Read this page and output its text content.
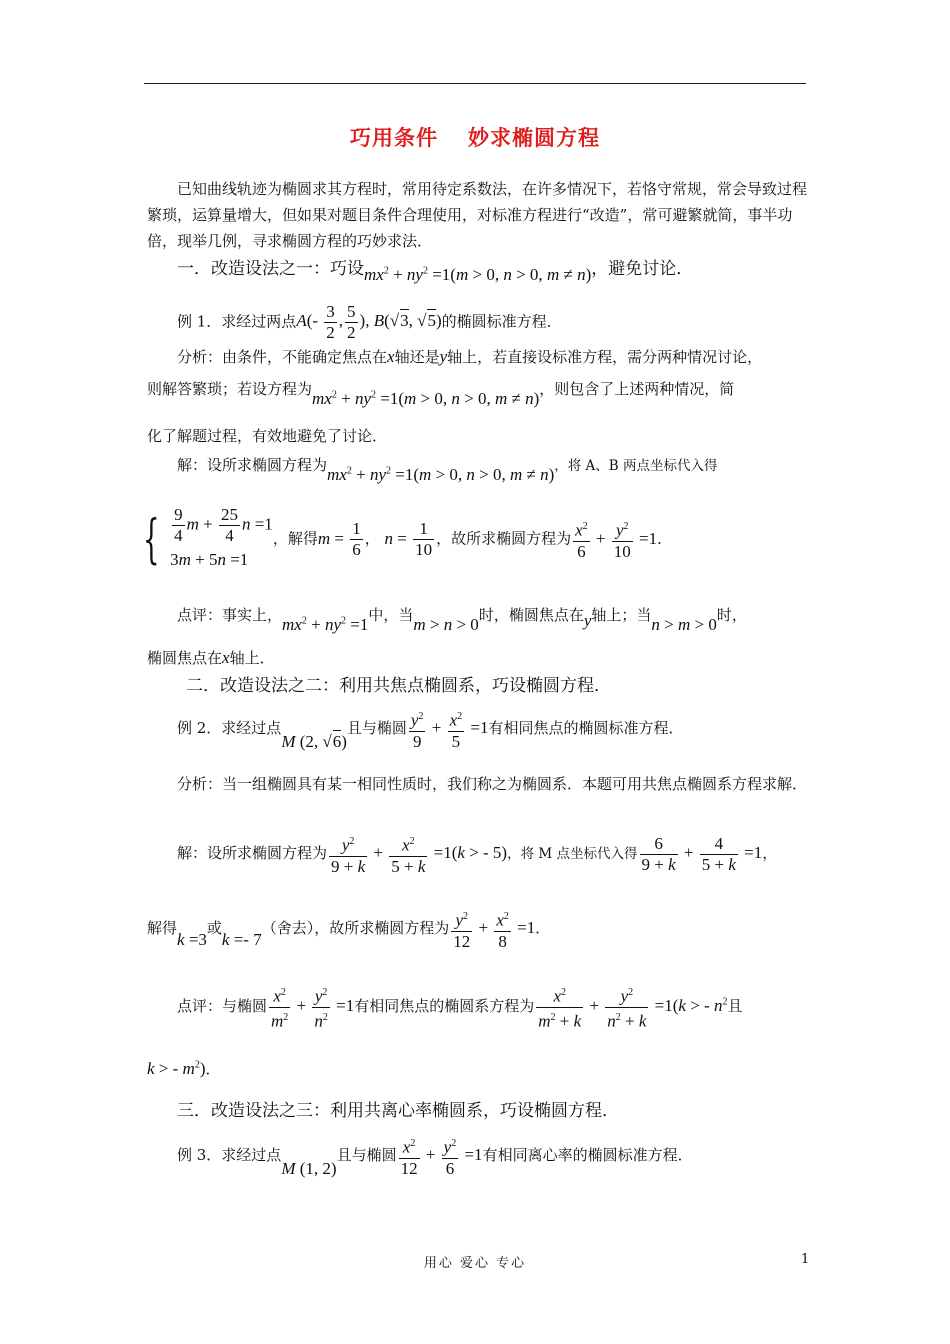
巧用条件 妙求椭圆方程
已知曲线轨迹为椭圆求其方程时，常用待定系数法，在许多情况下，若恪守常规，常会导致过程繁琐，运算量增大，但如果对题目条件合理使用，对标准方程进行“改造”，常可避繁就简，事半功倍，现举几例，寻求椭圆方程的巧妙求法．
一．改造设法之一：巧设$mx^2 + ny^2 =1(m > 0$, n > 0, m ≠ n)，避免讨论．
例 1．求经过两点$A(- \frac{3}{2}$ , $\frac{5}{2}$ ), B(√3, √5)的椭圆标准方程．
分析：由条件，不能确定焦点在x轴还是y轴上，若直接设标准方程，需分两种情况讨论，
则解答繁琐；若设方程为$mx^2 + ny^2 =1(m > 0$, n > 0, m ≠ n)，则包含了上述两种情况，简
化了解题过程，有效地避免了讨论．
解：设所求椭圆方程为$mx^2 + ny^2 =1(m > 0$, n > 0, m ≠ n)，将 A、B 两点坐标代入得
{ $\frac{9}{4}$ $m + \frac{25}{4}$ n =1
3m + 5n =1
，解得$m = \frac{1}{6}$ ， $n = \frac{1}{10}$ ，故所求椭圆方程为 $\frac{x^2}{6} + \frac{y^2}{10} =1$．
点评：事实上，$mx^2 + ny^2 =1$中，当m > n > 0时，椭圆焦点在y轴上；当n > m > 0时，
椭圆焦点在x轴上．
二．改造设法之二：利用共焦点椭圆系，巧设椭圆方程．
例 2．求经过点M (2, √6)且与椭圆 $\frac{y^2}{9} + \frac{x^2}{5} =1$有相同焦点的椭圆标准方程．
分析：当一组椭圆具有某一相同性质时，我们称之为椭圆系．本题可用共焦点椭圆系方程求解．
解：设所求椭圆方程为 $\frac{y^2}{9 + k} + \frac{x^2}{5 + k} =1(k$ > - 5)，将 M 点坐标代入得 $\frac{6}{9 + k} + \frac{4}{5 + k} =1$，
解得k =3或k =- 7（舍去），故所求椭圆方程为 $\frac{y^2}{12} + \frac{x^2}{8} =1$．
点评：与椭圆 $\frac{x^2}{m^2} + \frac{y^2}{n^2} =1$有相同焦点的椭圆系方程为 $\frac{x^2}{m^2 + k} + \frac{y^2}{n^2 + k} =1(k$ > - $n^2$且
k > - $m^2$)．
三．改造设法之三：利用共离心率椭圆系，巧设椭圆方程．
例 3．求经过点M (1, 2)且与椭圆 $\frac{x^2}{12} + \frac{y^2}{6} =1$有相同离心率的椭圆标准方程．
用心 爱心 专心	1
